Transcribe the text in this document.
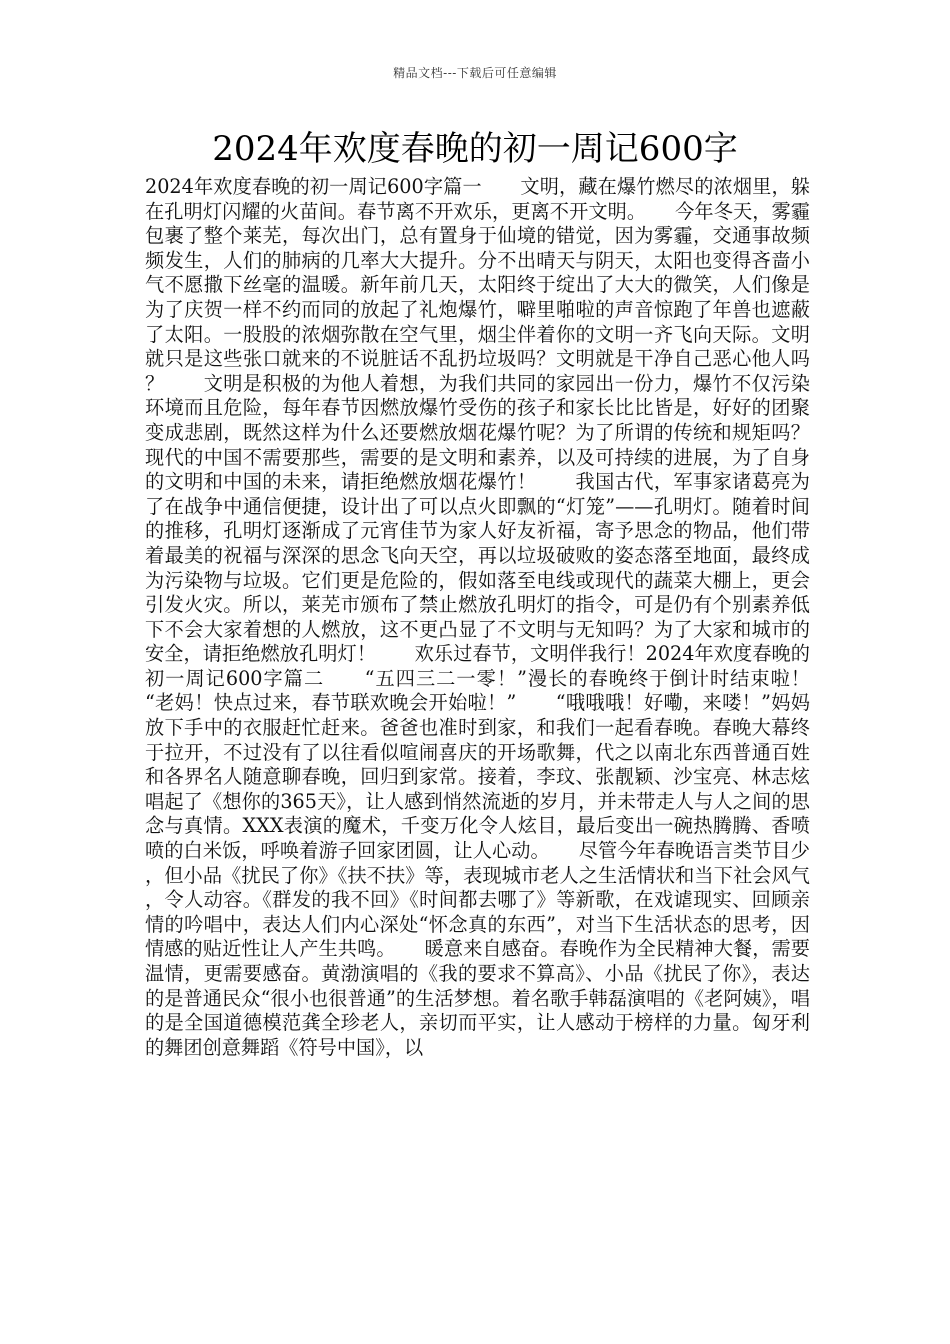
精品文档---下载后可任意编辑
2024年欢度春晚的初一周记600字

2024年欢度春晚的初一周记600字篇一　　文明，藏在爆竹燃尽的浓烟里，躲在孔明灯闪耀的火苗间。春节离不开欢乐，更离不开文明。　　今年冬天，雾霾包裹了整个莱芜，每次出门，总有置身于仙境的错觉，因为雾霾，交通事故频频发生，人们的肺病的几率大大提升。分不出晴天与阴天，太阳也变得吝啬小气不愿撒下丝毫的温暖。新年前几天，太阳终于绽出了大大的微笑，人们像是为了庆贺一样不约而同的放起了礼炮爆竹，噼里啪啦的声音惊跑了年兽也遮蔽了太阳。一股股的浓烟弥散在空气里，烟尘伴着你的文明一齐飞向天际。文明就只是这些张口就来的不说脏话不乱扔垃圾吗？文明就是干净自己恶心他人吗？　　文明是积极的为他人着想，为我们共同的家园出一份力，爆竹不仅污染环境而且危险，每年春节因燃放爆竹受伤的孩子和家长比比皆是，好好的团聚变成悲剧，既然这样为什么还要燃放烟花爆竹呢？为了所谓的传统和规矩吗？现代的中国不需要那些，需要的是文明和素养，以及可持续的进展，为了自身的文明和中国的未来，请拒绝燃放烟花爆竹！　　我国古代，军事家诸葛亮为了在战争中通信便捷，设计出了可以点火即飘的“灯笼”——孔明灯。随着时间的推移，孔明灯逐渐成了元宵佳节为家人好友祈福，寄予思念的物品，他们带着最美的祝福与深深的思念飞向天空，再以垃圾破败的姿态落至地面，最终成为污染物与垃圾。它们更是危险的，假如落至电线或现代的蔬菜大棚上，更会引发火灾。所以，莱芜市颁布了禁止燃放孔明灯的指令，可是仍有个别素养低下不会大家着想的人燃放，这不更凸显了不文明与无知吗？为了大家和城市的安全，请拒绝燃放孔明灯！　　欢乐过春节，文明伴我行！2024年欢度春晚的初一周记600字篇二　　“五四三二一零！”漫长的春晚终于倒计时结束啦！　　“老妈！快点过来，春节联欢晚会开始啦！”　　“哦哦哦！好嘞，来喽！”妈妈放下手中的衣服赶忙赶来。爸爸也准时到家，和我们一起看春晚。春晚大幕终于拉开，不过没有了以往看似喧闹喜庆的开场歌舞，代之以南北东西普通百姓和各界名人随意聊春晚，回归到家常。接着，李玟、张靓颖、沙宝亮、林志炫唱起了《想你的365天》，让人感到悄然流逝的岁月，并未带走人与人之间的思念与真情。XXX表演的魔术，千变万化令人炫目，最后变出一碗热腾腾、香喷喷的白米饭，呼唤着游子回家团圆，让人心动。　　尽管今年春晚语言类节目少，但小品《扰民了你》《扶不扶》等，表现城市老人之生活情状和当下社会风气，令人动容。《群发的我不回》《时间都去哪了》等新歌，在戏谑现实、回顾亲情的吟唱中，表达人们内心深处“怀念真的东西”，对当下生活状态的思考，因情感的贴近性让人产生共鸣。　　暖意来自感奋。春晚作为全民精神大餐，需要温情，更需要感奋。黄渤演唱的《我的要求不算高》、小品《扰民了你》，表达的是普通民众“很小也很普通”的生活梦想。着名歌手韩磊演唱的《老阿姨》，唱的是全国道德模范龚全珍老人，亲切而平实，让人感动于榜样的力量。匈牙利的舞团创意舞蹈《符号中国》，以
